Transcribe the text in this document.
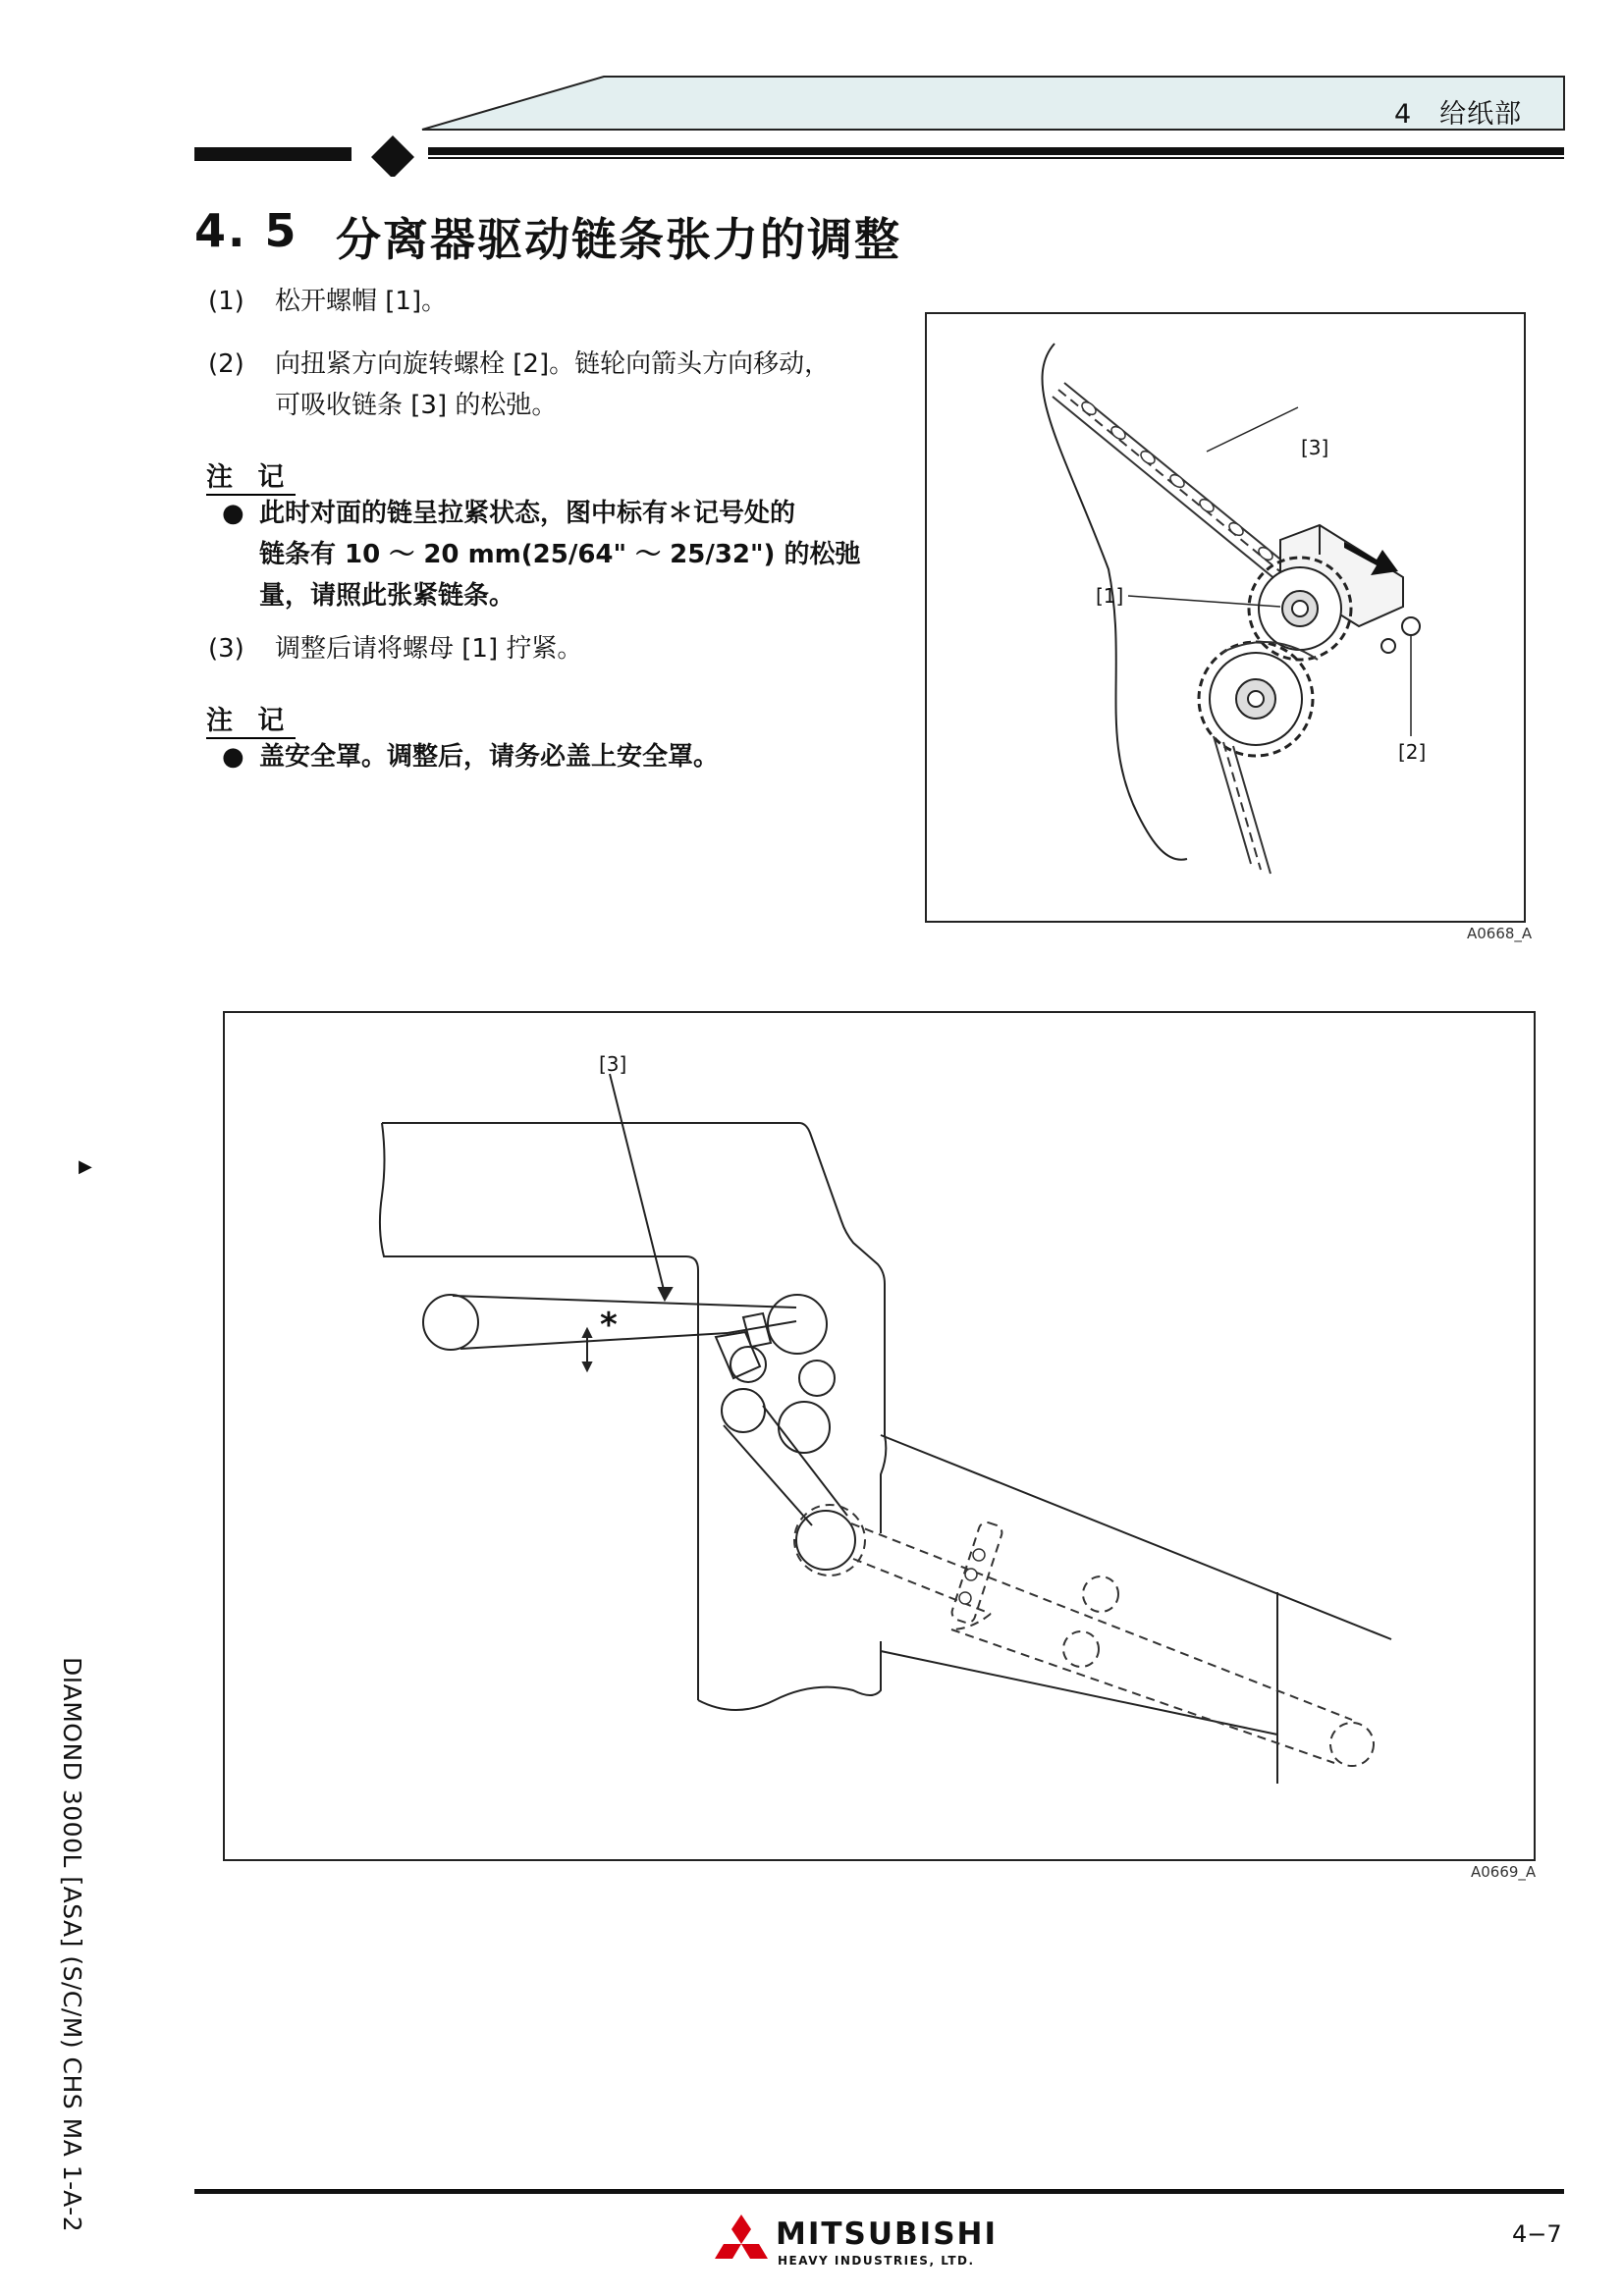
4　给纸部
4. 5 分离器驱动链条张力的调整
(1) 松开螺帽 [1]。
(2) 向扭紧方向旋转螺栓 [2]。链轮向箭头方向移动，
可吸收链条 [3] 的松弛。
注 记
● 此时对面的链呈拉紧状态，图中标有＊记号处的
链条有 10 ～ 20 mm(25/64" ～ 25/32") 的松弛
量，请照此张紧链条。
(3) 调整后请将螺母 [1] 拧紧。
注 记
● 盖安全罩。调整后，请务必盖上安全罩。
[3]
[1]
[2]
A0668_A
[3]
*
A0669_A
▶
DIAMOND 3000L [ASA] (S/C/M) CHS MA 1-A-2
MITSUBISHI
HEAVY INDUSTRIES, LTD.
4−7
